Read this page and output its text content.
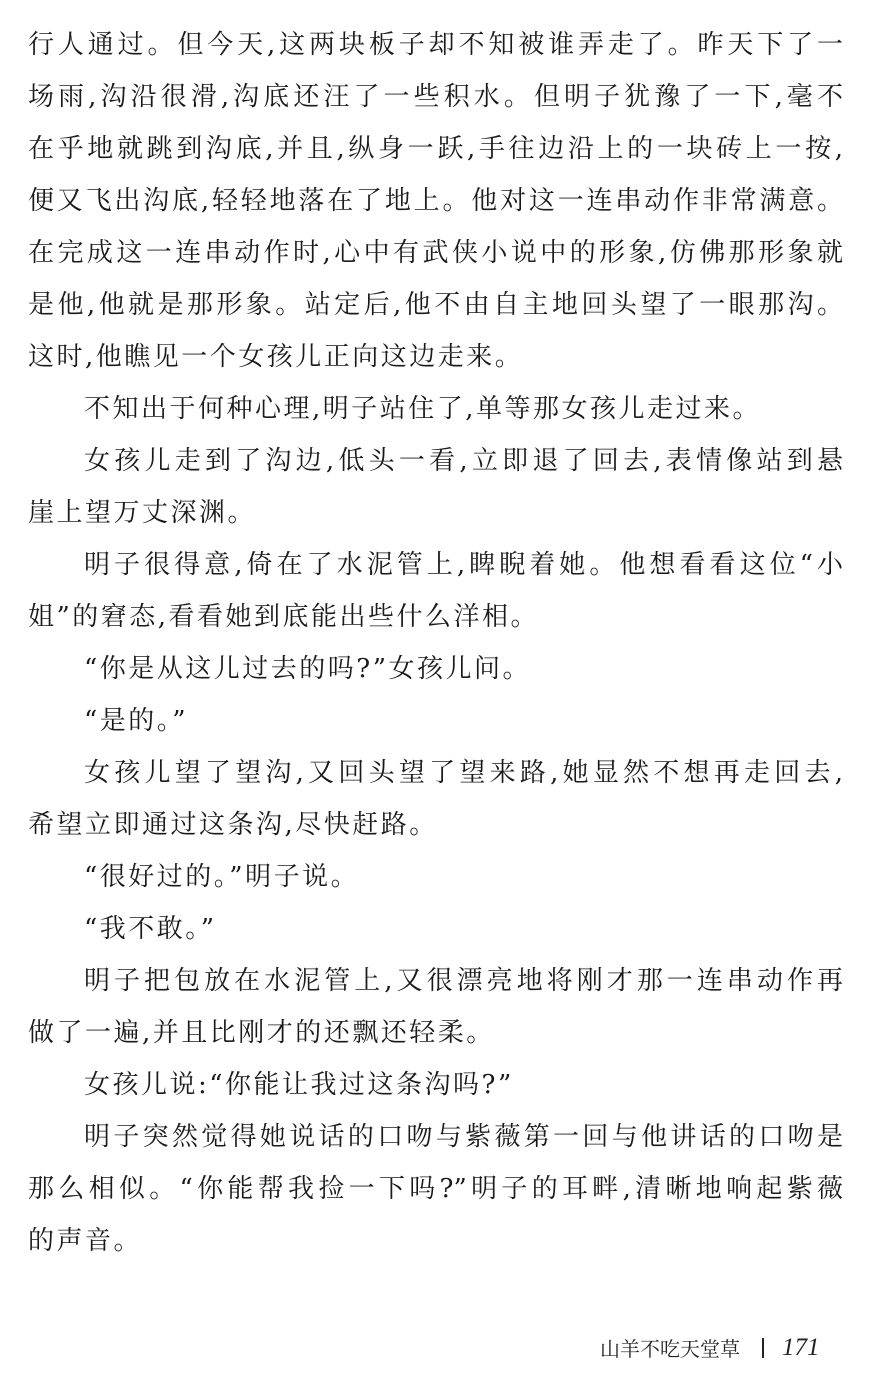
行人通过。但今天,这两块板子却不知被谁弄走了。昨天下了一
场雨,沟沿很滑,沟底还汪了一些积水。但明子犹豫了一下,毫不
在乎地就跳到沟底,并且,纵身一跃,手往边沿上的一块砖上一按,
便又飞出沟底,轻轻地落在了地上。他对这一连串动作非常满意。
在完成这一连串动作时,心中有武侠小说中的形象,仿佛那形象就
是他,他就是那形象。站定后,他不由自主地回头望了一眼那沟。
这时,他瞧见一个女孩儿正向这边走来。
不知出于何种心理,明子站住了,单等那女孩儿走过来。
女孩儿走到了沟边,低头一看,立即退了回去,表情像站到悬
崖上望万丈深渊。
明子很得意,倚在了水泥管上,睥睨着她。他想看看这位“小
姐”的窘态,看看她到底能出些什么洋相。
“你是从这儿过去的吗?”女孩儿问。
“是的。”
女孩儿望了望沟,又回头望了望来路,她显然不想再走回去,
希望立即通过这条沟,尽快赶路。
“很好过的。”明子说。
“我不敢。”
明子把包放在水泥管上,又很漂亮地将刚才那一连串动作再
做了一遍,并且比刚才的还飘还轻柔。
女孩儿说:“你能让我过这条沟吗?”
明子突然觉得她说话的口吻与紫薇第一回与他讲话的口吻是
那么相似。“你能帮我捡一下吗?”明子的耳畔,清晰地响起紫薇
的声音。
山羊不吃天堂草 171
